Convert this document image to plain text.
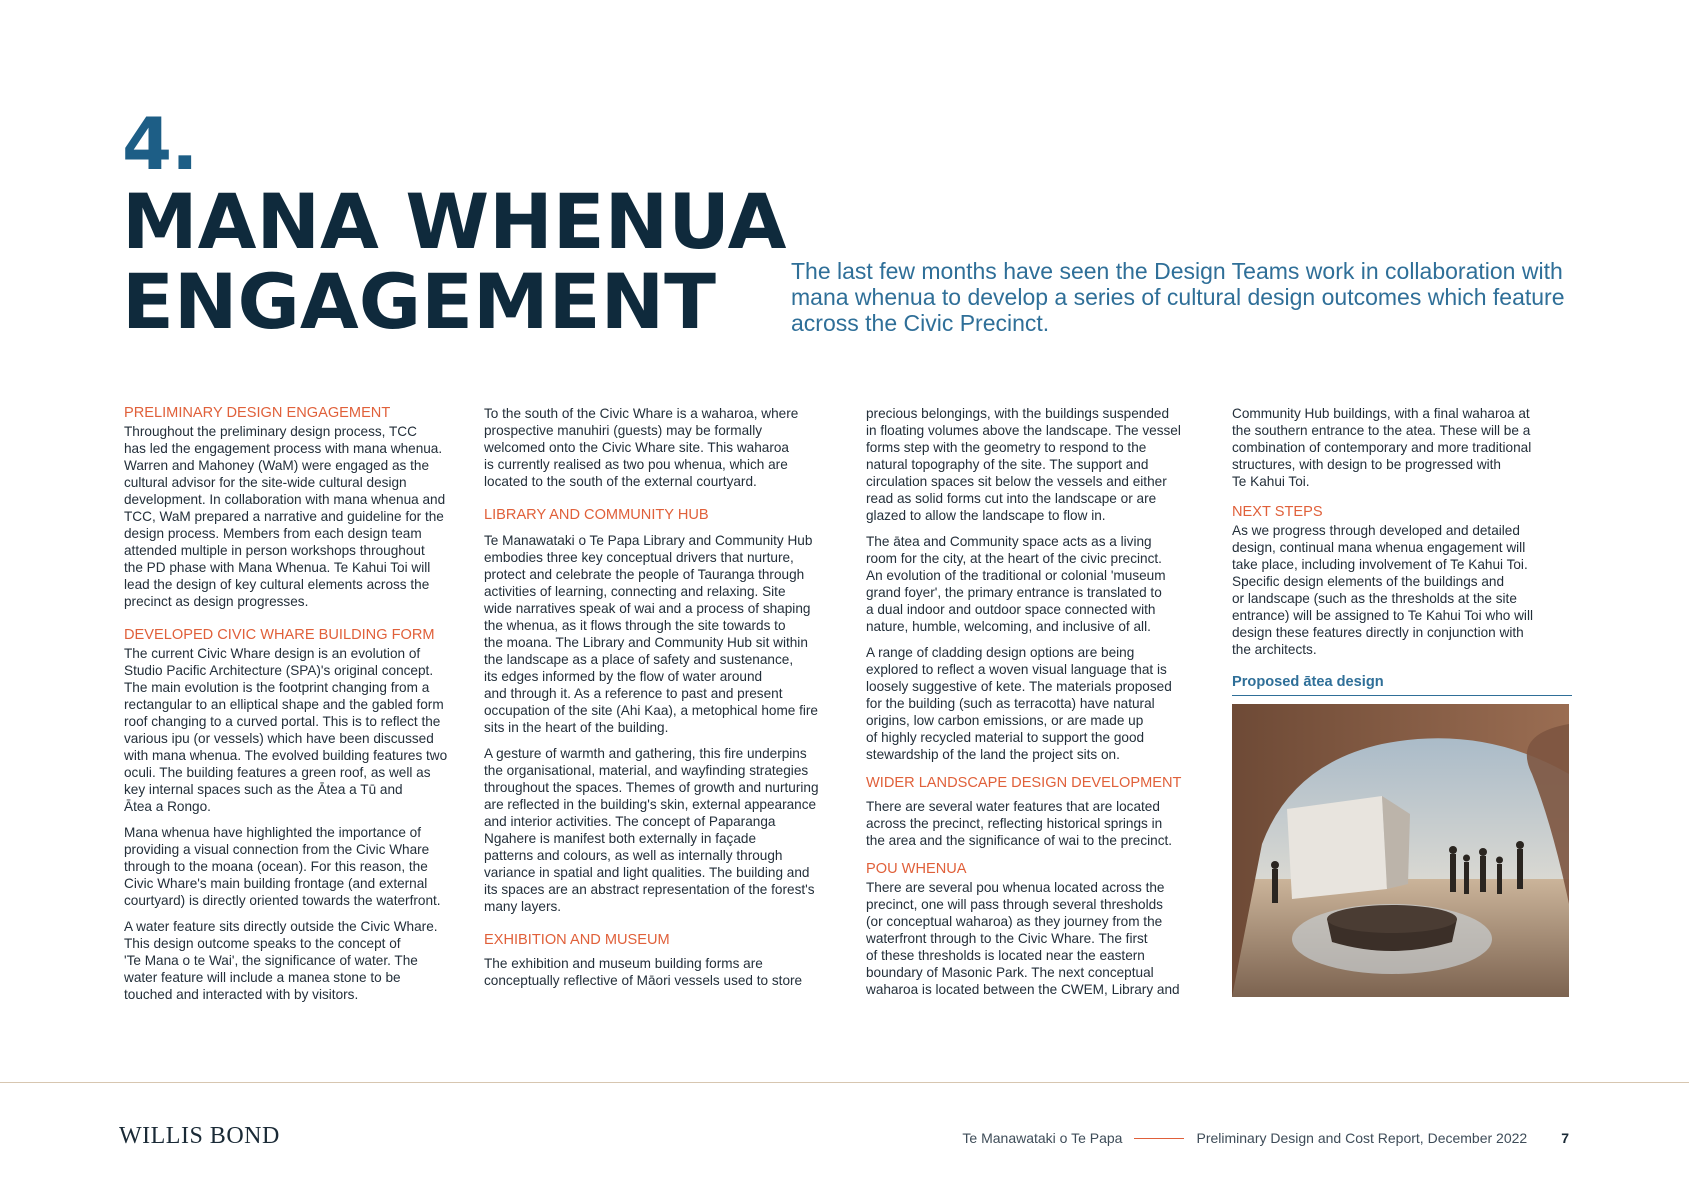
4.
MANA WHENUA
ENGAGEMENT	The last few months have seen the Design Teams work in collaboration with
mana whenua to develop a series of cultural design outcomes which feature
across the Civic Precinct.
PRELIMINARY DESIGN ENGAGEMENT
Throughout the preliminary design process, TCC
has led the engagement process with mana whenua.
Warren and Mahoney (WaM) were engaged as the
cultural advisor for the site-wide cultural design
development. In collaboration with mana whenua and
TCC, WaM prepared a narrative and guideline for the
design process. Members from each design team
attended multiple in person workshops throughout
the PD phase with Mana Whenua. Te Kahui Toi will
lead the design of key cultural elements across the
precinct as design progresses.
DEVELOPED CIVIC WHARE BUILDING FORM
The current Civic Whare design is an evolution of
Studio Pacific Architecture (SPA)'s original concept.
The main evolution is the footprint changing from a
rectangular to an elliptical shape and the gabled form
roof changing to a curved portal. This is to reflect the
various ipu (or vessels) which have been discussed
with mana whenua. The evolved building features two
oculi. The building features a green roof, as well as
key internal spaces such as the Ātea a Tū and
Ātea a Rongo.
Mana whenua have highlighted the importance of
providing a visual connection from the Civic Whare
through to the moana (ocean). For this reason, the
Civic Whare's main building frontage (and external
courtyard) is directly oriented towards the waterfront.
A water feature sits directly outside the Civic Whare.
This design outcome speaks to the concept of
'Te Mana o te Wai', the significance of water. The
water feature will include a manea stone to be
touched and interacted with by visitors.
To the south of the Civic Whare is a waharoa, where
prospective manuhiri (guests) may be formally
welcomed onto the Civic Whare site. This waharoa
is currently realised as two pou whenua, which are
located to the south of the external courtyard.
LIBRARY AND COMMUNITY HUB
Te Manawataki o Te Papa Library and Community Hub
embodies three key conceptual drivers that nurture,
protect and celebrate the people of Tauranga through
activities of learning, connecting and relaxing. Site
wide narratives speak of wai and a process of shaping
the whenua, as it flows through the site towards to
the moana. The Library and Community Hub sit within
the landscape as a place of safety and sustenance,
its edges informed by the flow of water around
and through it. As a reference to past and present
occupation of the site (Ahi Kaa), a metophical home fire
sits in the heart of the building.
A gesture of warmth and gathering, this fire underpins
the organisational, material, and wayfinding strategies
throughout the spaces. Themes of growth and nurturing
are reflected in the building's skin, external appearance
and interior activities. The concept of Paparanga
Ngahere is manifest both externally in façade
patterns and colours, as well as internally through
variance in spatial and light qualities. The building and
its spaces are an abstract representation of the forest's
many layers.
EXHIBITION AND MUSEUM
The exhibition and museum building forms are
conceptually reflective of Māori vessels used to store
precious belongings, with the buildings suspended
in floating volumes above the landscape. The vessel
forms step with the geometry to respond to the
natural topography of the site. The support and
circulation spaces sit below the vessels and either
read as solid forms cut into the landscape or are
glazed to allow the landscape to flow in.
The ātea and Community space acts as a living
room for the city, at the heart of the civic precinct.
An evolution of the traditional or colonial 'museum
grand foyer', the primary entrance is translated to
a dual indoor and outdoor space connected with
nature, humble, welcoming, and inclusive of all.
A range of cladding design options are being
explored to reflect a woven visual language that is
loosely suggestive of kete. The materials proposed
for the building (such as terracotta) have natural
origins, low carbon emissions, or are made up
of highly recycled material to support the good
stewardship of the land the project sits on.
WIDER LANDSCAPE DESIGN DEVELOPMENT
There are several water features that are located
across the precinct, reflecting historical springs in
the area and the significance of wai to the precinct.
POU WHENUA
There are several pou whenua located across the
precinct, one will pass through several thresholds
(or conceptual waharoa) as they journey from the
waterfront through to the Civic Whare. The first
of these thresholds is located near the eastern
boundary of Masonic Park. The next conceptual
waharoa is located between the CWEM, Library and
Community Hub buildings, with a final waharoa at
the southern entrance to the atea. These will be a
combination of contemporary and more traditional
structures, with design to be progressed with
Te Kahui Toi.
NEXT STEPS
As we progress through developed and detailed
design, continual mana whenua engagement will
take place, including involvement of Te Kahui Toi.
Specific design elements of the buildings and
or landscape (such as the thresholds at the site
entrance) will be assigned to Te Kahui Toi who will
design these features directly in conjunction with
the architects.
Proposed ātea design
WILLIS BOND	Te Manawataki o Te Papa	Preliminary Design and Cost Report, December 2022 7
